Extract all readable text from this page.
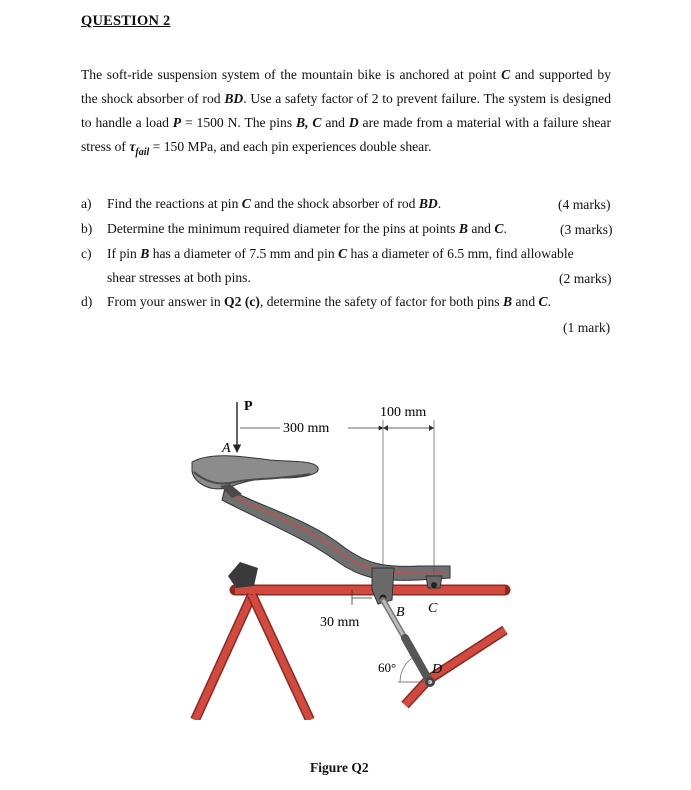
QUESTION 2
The soft-ride suspension system of the mountain bike is anchored at point C and supported by the shock absorber of rod BD. Use a safety factor of 2 to prevent failure. The system is designed to handle a load P = 1500 N. The pins B, C and D are made from a material with a failure shear stress of $\tau_{fail} = 150$ MPa, and each pin experiences double shear.
a) Find the reactions at pin C and the shock absorber of rod BD.	(4 marks)
b) Determine the minimum required diameter for the pins at points B and C.	(3 marks)
c) If pin B has a diameter of 7.5 mm and pin C has a diameter of 6.5 mm, find allowable
shear stresses at both pins.	(2 marks)
d) From your answer in Q2 (c), determine the safety of factor for both pins B and C.
(1 mark)
P
A
300 mm
100 mm
30 mm
B C
D
60°
Figure Q2
